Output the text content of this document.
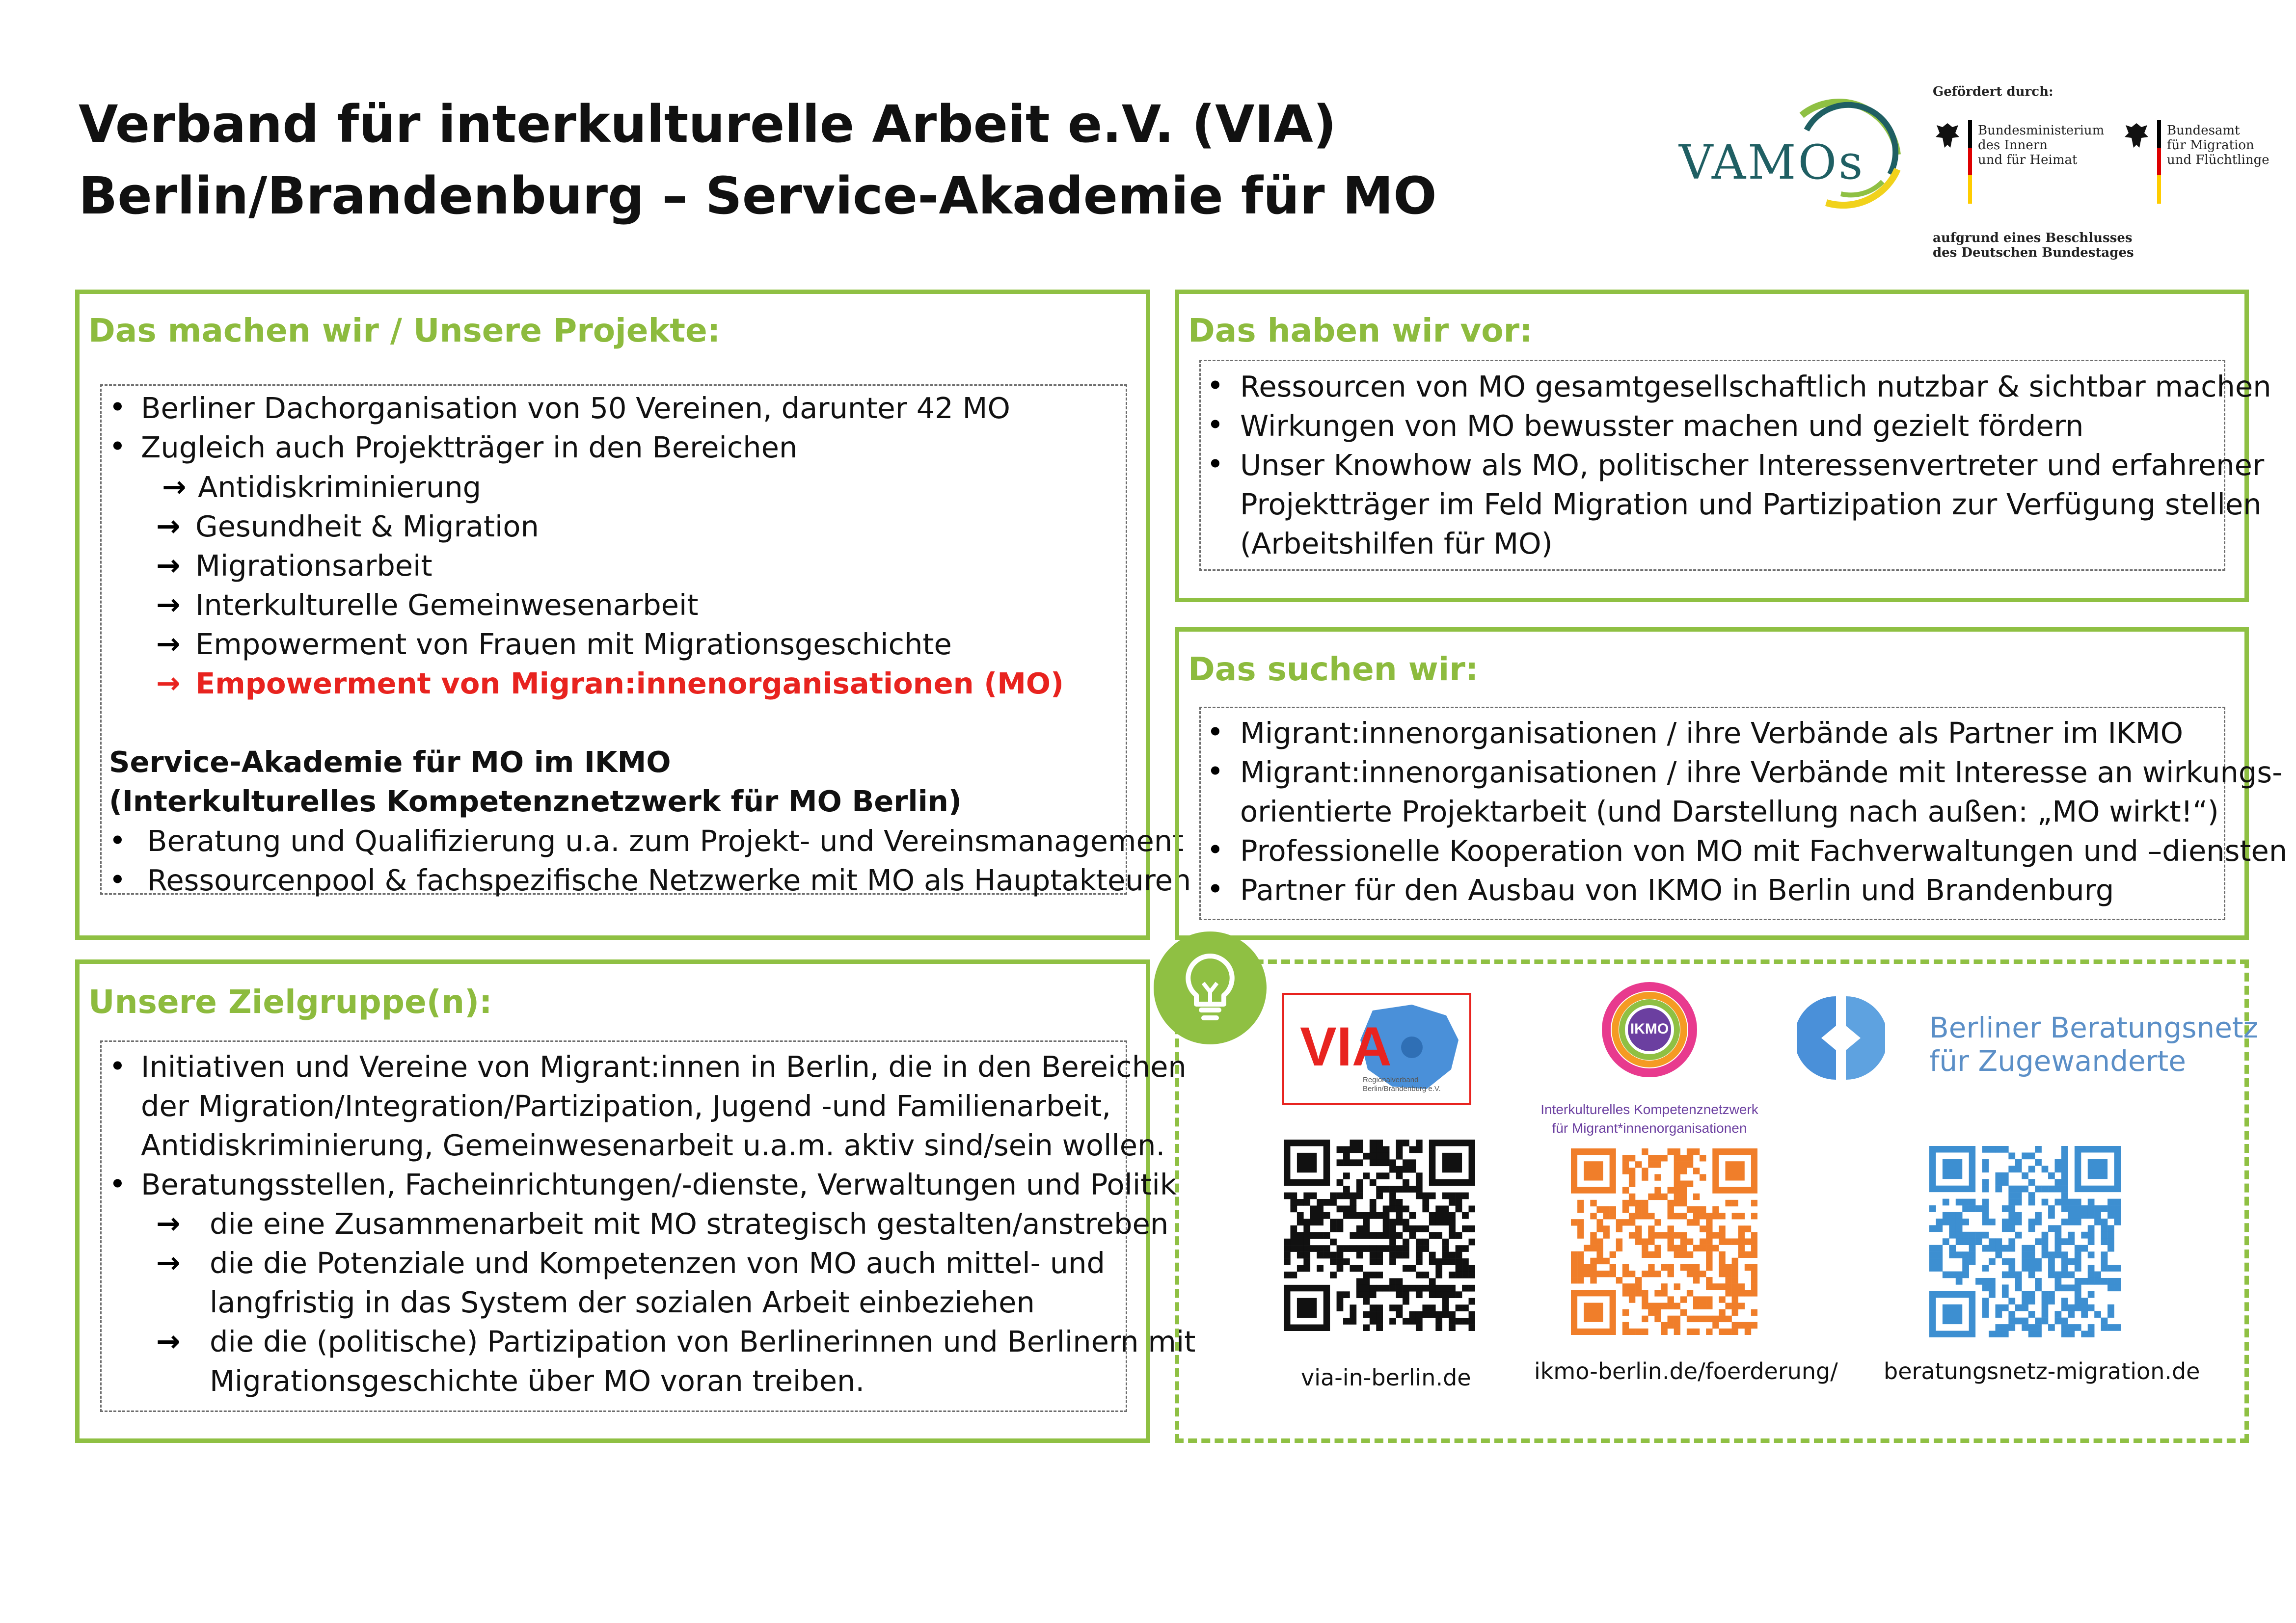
Verband für interkulturelle Arbeit e.V. (VIA)
Berlin/Brandenburg – Service-Akademie für MO
VAMOs
Gefördert durch:
Bundesministerium
des Innern
und für Heimat
Bundesamt
für Migration
und Flüchtlinge
aufgrund eines Beschlusses
des Deutschen Bundestages
Das machen wir / Unsere Projekte:
• Berliner Dachorganisation von 50 Vereinen, darunter 42 MO
• Zugleich auch Projektträger in den Bereichen
→ Antidiskriminierung
→ Gesundheit & Migration
→ Migrationsarbeit
→ Interkulturelle Gemeinwesenarbeit
→ Empowerment von Frauen mit Migrationsgeschichte
→ Empowerment von Migran:innenorganisationen (MO)
Service-Akademie für MO im IKMO
(Interkulturelles Kompetenznetzwerk für MO Berlin)
• Beratung und Qualifizierung u.a. zum Projekt- und Vereinsmanagement
• Ressourcenpool & fachspezifische Netzwerke mit MO als Hauptakteuren
Das haben wir vor:
• Ressourcen von MO gesamtgesellschaftlich nutzbar & sichtbar machen
• Wirkungen von MO bewusster machen und gezielt fördern
• Unser Knowhow als MO, politischer Interessenvertreter und erfahrener
Projektträger im Feld Migration und Partizipation zur Verfügung stellen
(Arbeitshilfen für MO)
Das suchen wir:
• Migrant:innenorganisationen / ihre Verbände als Partner im IKMO
• Migrant:innenorganisationen / ihre Verbände mit Interesse an wirkungs-
orientierte Projektarbeit (und Darstellung nach außen: „MO wirkt!“)
• Professionelle Kooperation von MO mit Fachverwaltungen und –diensten
• Partner für den Ausbau von IKMO in Berlin und Brandenburg
Unsere Zielgruppe(n):
• Initiativen und Vereine von Migrant:innen in Berlin, die in den Bereichen
der Migration/Integration/Partizipation, Jugend -und Familienarbeit,
Antidiskriminierung, Gemeinwesenarbeit u.a.m. aktiv sind/sein wollen.
• Beratungsstellen, Facheinrichtungen/-dienste, Verwaltungen und Politik
→ die eine Zusammenarbeit mit MO strategisch gestalten/anstreben
→ die die Potenziale und Kompetenzen von MO auch mittel- und
langfristig in das System der sozialen Arbeit einbeziehen
→ die die (politische) Partizipation von Berlinerinnen und Berlinern mit
Migrationsgeschichte über MO voran treiben.
VIA
Regionalverband
Berlin/Brandenburg e.V.
IKMO
Interkulturelles Kompetenznetzwerk
für Migrant*innenorganisationen
Berliner Beratungsnetz
für Zugewanderte
via-in-berlin.de	ikmo-berlin.de/foerderung/ beratungsnetz-migration.de
